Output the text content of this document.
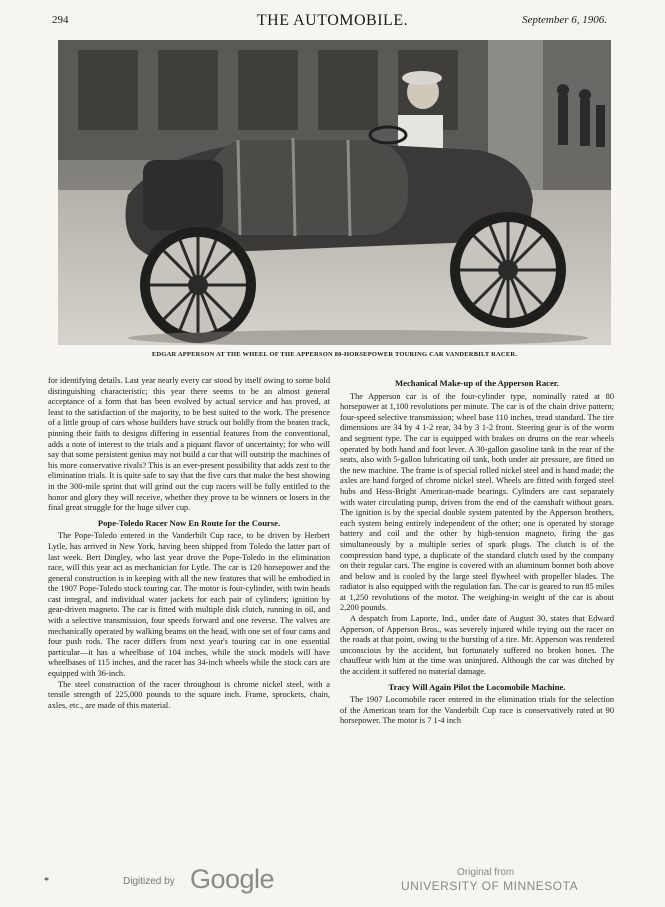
294	THE AUTOMOBILE.	September 6, 1906.
EDGAR APPERSON AT THE WHEEL OF THE APPERSON 80-HORSEPOWER TOURING CAR VANDERBILT RACER.

for identifying details. Last year nearly every car stood by itself owing to some bold distinguishing characteristic; this year there seems to be an almost general acceptance of a form that has been evolved by actual service and has proved, at least to the satisfaction of the majority, to be best suited to the work. The presence of a little group of cars whose builders have struck out boldly from the beaten track, pinning their faith to designs differing in essential features from the conventional, adds a note of interest to the trials and a piquant flavor of uncertainty; for who will say that some persistent genius may not build a car that will outstrip the machines of his more conservative rivals? This is an ever-present possibility that adds zest to the elimination trials. It is quite safe to say that the five cars that make the best showing in the 300-mile sprint that will grind out the cup racers will be fully entitled to the honor and glory they will receive, whether they prove to be winners or losers in the final great struggle for the huge silver cup.

Pope-Toledo Racer Now En Route for the Course.

The Pope-Toledo entered in the Vanderbilt Cup race, to be driven by Herbert Lytle, has arrived in New York, having been shipped from Toledo the latter part of last week. Bert Dingley, who last year drove the Pope-Toledo in the elimination race, will this year act as mechanician for Lytle. The car is 120 horsepower and the general construction is in keeping with all the new features that will be embodied in the 1907 Pope-Toledo stock touring car. The motor is four-cylinder, with twin heads cast integral, and individual water jackets for each pair of cylinders; ignition by gear-driven magneto. The car is fitted with multiple disk clutch, running in oil, and with a selective transmission, four speeds forward and one reverse. The valves are mechanically operated by walking beams on the head, with one set of four cams and four push rods. The racer differs from next year's touring car in one essential particular—it has a wheelbase of 104 inches, while the stock models will have wheelbases of 115 inches, and the racer has 34-inch wheels while the stock cars are equipped with 36-inch.

The steel construction of the racer throughout is chrome nickel steel, with a tensile strength of 225,000 pounds to the square inch. Frame, sprockets, chain, axles, etc., are made of this material.

Mechanical Make-up of the Apperson Racer.

The Apperson car is of the four-cylinder type, nominally rated at 80 horsepower at 1,100 revolutions per minute. The car is of the chain drive pattern; four-speed selective transmission; wheel base 110 inches, tread standard. The tire dimensions are 34 by 4 1-2 rear, 34 by 3 1-2 front. Steering gear is of the worm and segment type. The car is equipped with brakes on drums on the rear wheels operated by both hand and foot lever. A 30-gallon gasoline tank in the rear of the seats, also with 5-gallon lubricating oil tank, both under air pressure, are fitted on the new machine. The frame is of special rolled nickel steel and is hand made; the axles are hand forged of chrome nickel steel. Wheels are fitted with forged steel hubs and Hess-Bright American-made bearings. Cylinders are cast separately with water circulating pump, driven from the end of the camshaft without gears. The ignition is by the special double system patented by the Apperson brothers, each system being entirely independent of the other; one is operated by storage battery and coil and the other by high-tension magneto, firing the gas simultaneously by a multiple series of spark plugs. The clutch is of the compression band type, a duplicate of the standard clutch used by the company on their regular cars. The engine is covered with an aluminum bonnet both above and below and is cooled by the large steel flywheel with propeller blades. The radiator is also equipped with the regulation fan. The car is geared to run 85 miles at 1,250 revolutions of the motor. The weighing-in weight of the car is about 2,200 pounds.

A despatch from Laporte, Ind., under date of August 30, states that Edward Apperson, of Apperson Bros., was severely injured while trying out the racer on the roads at that point, owing to the bursting of a tire. Mr. Apperson was rendered unconscious by the accident, but fortunately suffered no broken bones. The chauffeur with him at the time was uninjured. Although the car was ditched by the accident it suffered no material damage.

Tracy Will Again Pilot the Locomobile Machine.

The 1907 Locomobile racer entered in the elimination trials for the selection of the American team for the Vanderbilt Cup race is conservatively rated at 90 horsepower. The motor is 7 1-4 inch

*	Digitized by Google	Original from
UNIVERSITY OF MINNESOTA
